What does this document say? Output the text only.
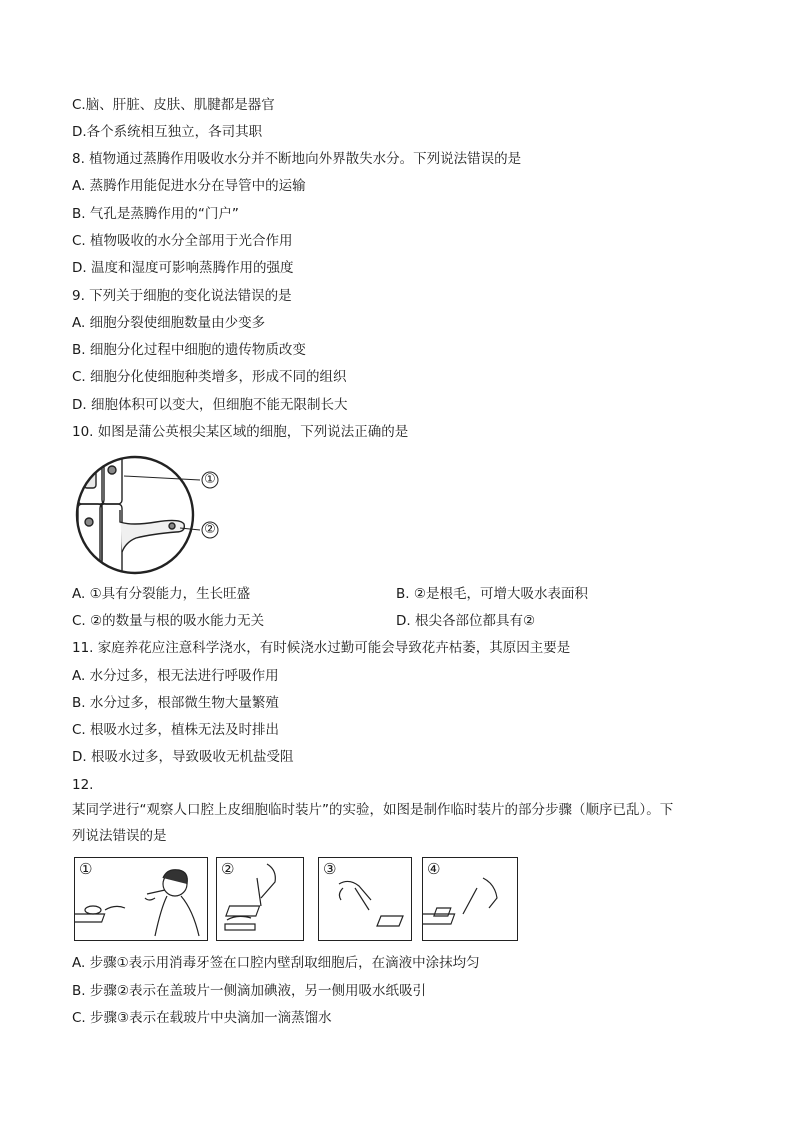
C.脑、肝脏、皮肤、肌腱都是器官
D.各个系统相互独立，各司其职
8. 植物通过蒸腾作用吸收水分并不断地向外界散失水分。下列说法错误的是
A. 蒸腾作用能促进水分在导管中的运输
B. 气孔是蒸腾作用的“门户”
C. 植物吸收的水分全部用于光合作用
D. 温度和湿度可影响蒸腾作用的强度
9. 下列关于细胞的变化说法错误的是
A. 细胞分裂使细胞数量由少变多
B. 细胞分化过程中细胞的遗传物质改变
C. 细胞分化使细胞种类增多，形成不同的组织
D. 细胞体积可以变大，但细胞不能无限制长大
10. 如图是蒲公英根尖某区域的细胞，下列说法正确的是
①
②
A. ①具有分裂能力，生长旺盛	B. ②是根毛，可增大吸水表面积
C. ②的数量与根的吸水能力无关	D. 根尖各部位都具有②
11. 家庭养花应注意科学浇水，有时候浇水过勤可能会导致花卉枯萎，其原因主要是
A. 水分过多，根无法进行呼吸作用
B. 水分过多，根部微生物大量繁殖
C. 根吸水过多，植株无法及时排出
D. 根吸水过多，导致吸收无机盐受阻
12.
某同学进行“观察人口腔上皮细胞临时装片”的实验，如图是制作临时装片的部分步骤（顺序已乱）。下
列说法错误的是
①	②	③	④
A. 步骤①表示用消毒牙签在口腔内壁刮取细胞后，在滴液中涂抹均匀
B. 步骤②表示在盖玻片一侧滴加碘液，另一侧用吸水纸吸引
C. 步骤③表示在载玻片中央滴加一滴蒸馏水
